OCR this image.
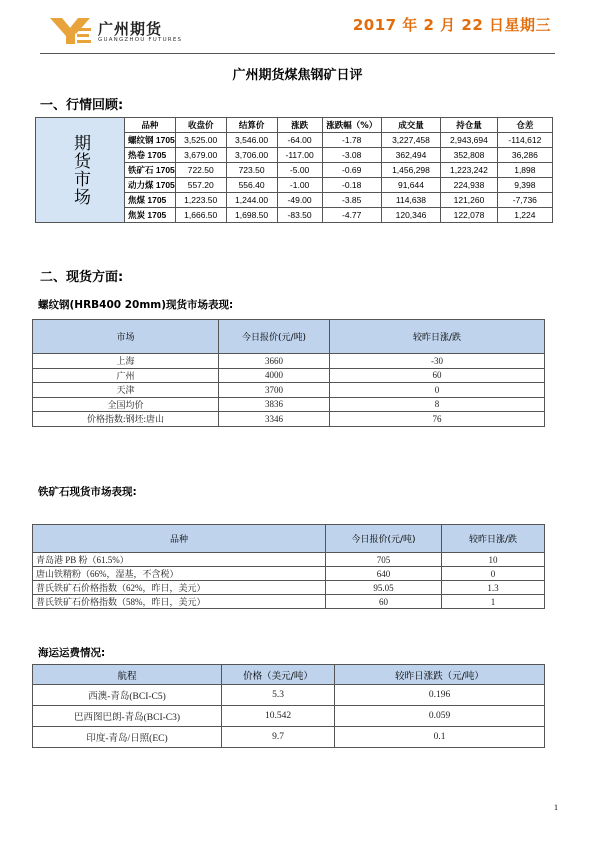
广州期货
GUANGZHOU FUTURES
2017 年 2 月 22 日星期三
广州期货煤焦钢矿日评
一、行情回顾:
期货市场	品种	收盘价	结算价	涨跌	涨跌幅（%）	成交量	持仓量	仓差
	螺纹钢 1705	3,525.00	3,546.00	-64.00	-1.78	3,227,458	2,943,694	-114,612
	热卷 1705	3,679.00	3,706.00	-117.00	-3.08	362,494	352,808	36,286
	铁矿石 1705	722.50	723.50	-5.00	-0.69	1,456,298	1,223,242	1,898
	动力煤 1705	557.20	556.40	-1.00	-0.18	91,644	224,938	9,398
	焦煤 1705	1,223.50	1,244.00	-49.00	-3.85	114,638	121,260	-7,736
	焦炭 1705	1,666.50	1,698.50	-83.50	-4.77	120,346	122,078	1,224
二、现货方面:
螺纹钢(HRB400 20mm)现货市场表现:
市场	今日报价(元/吨)	较昨日涨/跌
上海	3660	-30
广州	4000	60
天津	3700	0
全国均价	3836	8
价格指数:钢坯:唐山	3346	76
铁矿石现货市场表现:
品种	今日报价(元/吨)	较昨日涨/跌
青岛港 PB 粉（61.5%）	705	10
唐山铁精粉（66%，湿基，不含税）	640	0
普氏铁矿石价格指数（62%，昨日，美元）	95.05	1.3
普氏铁矿石价格指数（58%，昨日，美元）	60	1
海运运费情况:
航程	价格（美元/吨）	较昨日涨跌（元/吨）
西澳-青岛(BCI-C5)	5.3	0.196
巴西图巴朗-青岛(BCI-C3)	10.542	0.059
印度-青岛/日照(EC)	9.7	0.1
1
